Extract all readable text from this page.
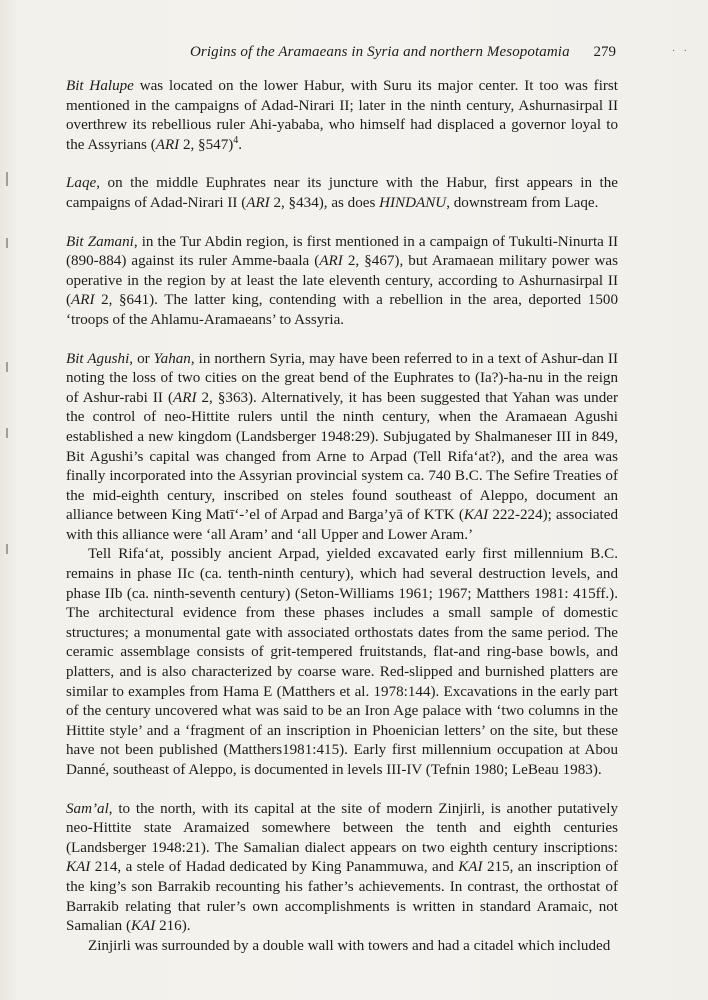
· ·
Origins of the Aramaeans in Syria and northern Mesopotamia 279

Bit Halupe was located on the lower Habur, with Suru its major center. It too was first mentioned in the campaigns of Adad-Nirari II; later in the ninth century, Ashurnasirpal II overthrew its rebellious ruler Ahi-yababa, who himself had displaced a governor loyal to the Assyrians (ARI 2, §547)$^4$.

Laqe, on the middle Euphrates near its juncture with the Habur, first appears in the campaigns of Adad-Nirari II (ARI 2, §434), as does HINDANU, downstream from Laqe.

Bit Zamani, in the Tur Abdin region, is first mentioned in a campaign of Tukulti-Ninurta II (890-884) against its ruler Amme-baala (ARI 2, §467), but Aramaean military power was operative in the region by at least the late eleventh century, according to Ashurnasirpal II (ARI 2, §641). The latter king, contending with a rebellion in the area, deported 1500 ‘troops of the Ahlamu-Aramaeans’ to Assyria.

Bit Agushi, or Yahan, in northern Syria, may have been referred to in a text of Ashur-dan II noting the loss of two cities on the great bend of the Euphrates to (Ia?)-ha-nu in the reign of Ashur-rabi II (ARI 2, §363). Alternatively, it has been suggested that Yahan was under the control of neo-Hittite rulers until the ninth century, when the Aramaean Agushi established a new kingdom (Landsberger 1948:29). Subjugated by Shalmaneser III in 849, Bit Agushi’s capital was changed from Arne to Arpad (Tell Rifa‘at?), and the area was finally incorporated into the Assyrian provincial system ca. 740 B.C. The Sefire Treaties of the mid-eighth century, inscribed on steles found southeast of Aleppo, document an alliance between King Matī‘-’el of Arpad and Barga’yā of KTK (KAI 222-224); associated with this alliance were ‘all Aram’ and ‘all Upper and Lower Aram.’

Tell Rifa‘at, possibly ancient Arpad, yielded excavated early first millennium B.C. remains in phase IIc (ca. tenth-ninth century), which had several destruction levels, and phase IIb (ca. ninth-seventh century) (Seton-Williams 1961; 1967; Matthers 1981: 415ff.). The architectural evidence from these phases includes a small sample of domestic structures; a monumental gate with associated orthostats dates from the same period. The ceramic assemblage consists of grit-tempered fruitstands, flat-and ring-base bowls, and platters, and is also characterized by coarse ware. Red-slipped and burnished platters are similar to examples from Hama E (Matthers et al. 1978:144). Excavations in the early part of the century uncovered what was said to be an Iron Age palace with ‘two columns in the Hittite style’ and a ‘fragment of an inscription in Phoenician letters’ on the site, but these have not been published (Matthers1981:415). Early first millennium occupation at Abou Danné, southeast of Aleppo, is documented in levels III-IV (Tefnin 1980; LeBeau 1983).

Sam’al, to the north, with its capital at the site of modern Zinjirli, is another putatively neo-Hittite state Aramaized somewhere between the tenth and eighth centuries (Landsberger 1948:21). The Samalian dialect appears on two eighth century inscriptions: KAI 214, a stele of Hadad dedicated by King Panammuwa, and KAI 215, an inscription of the king’s son Barrakib recounting his father’s achievements. In contrast, the orthostat of Barrakib relating that ruler’s own accomplishments is written in standard Aramaic, not Samalian (KAI 216).

Zinjirli was surrounded by a double wall with towers and had a citadel which included
